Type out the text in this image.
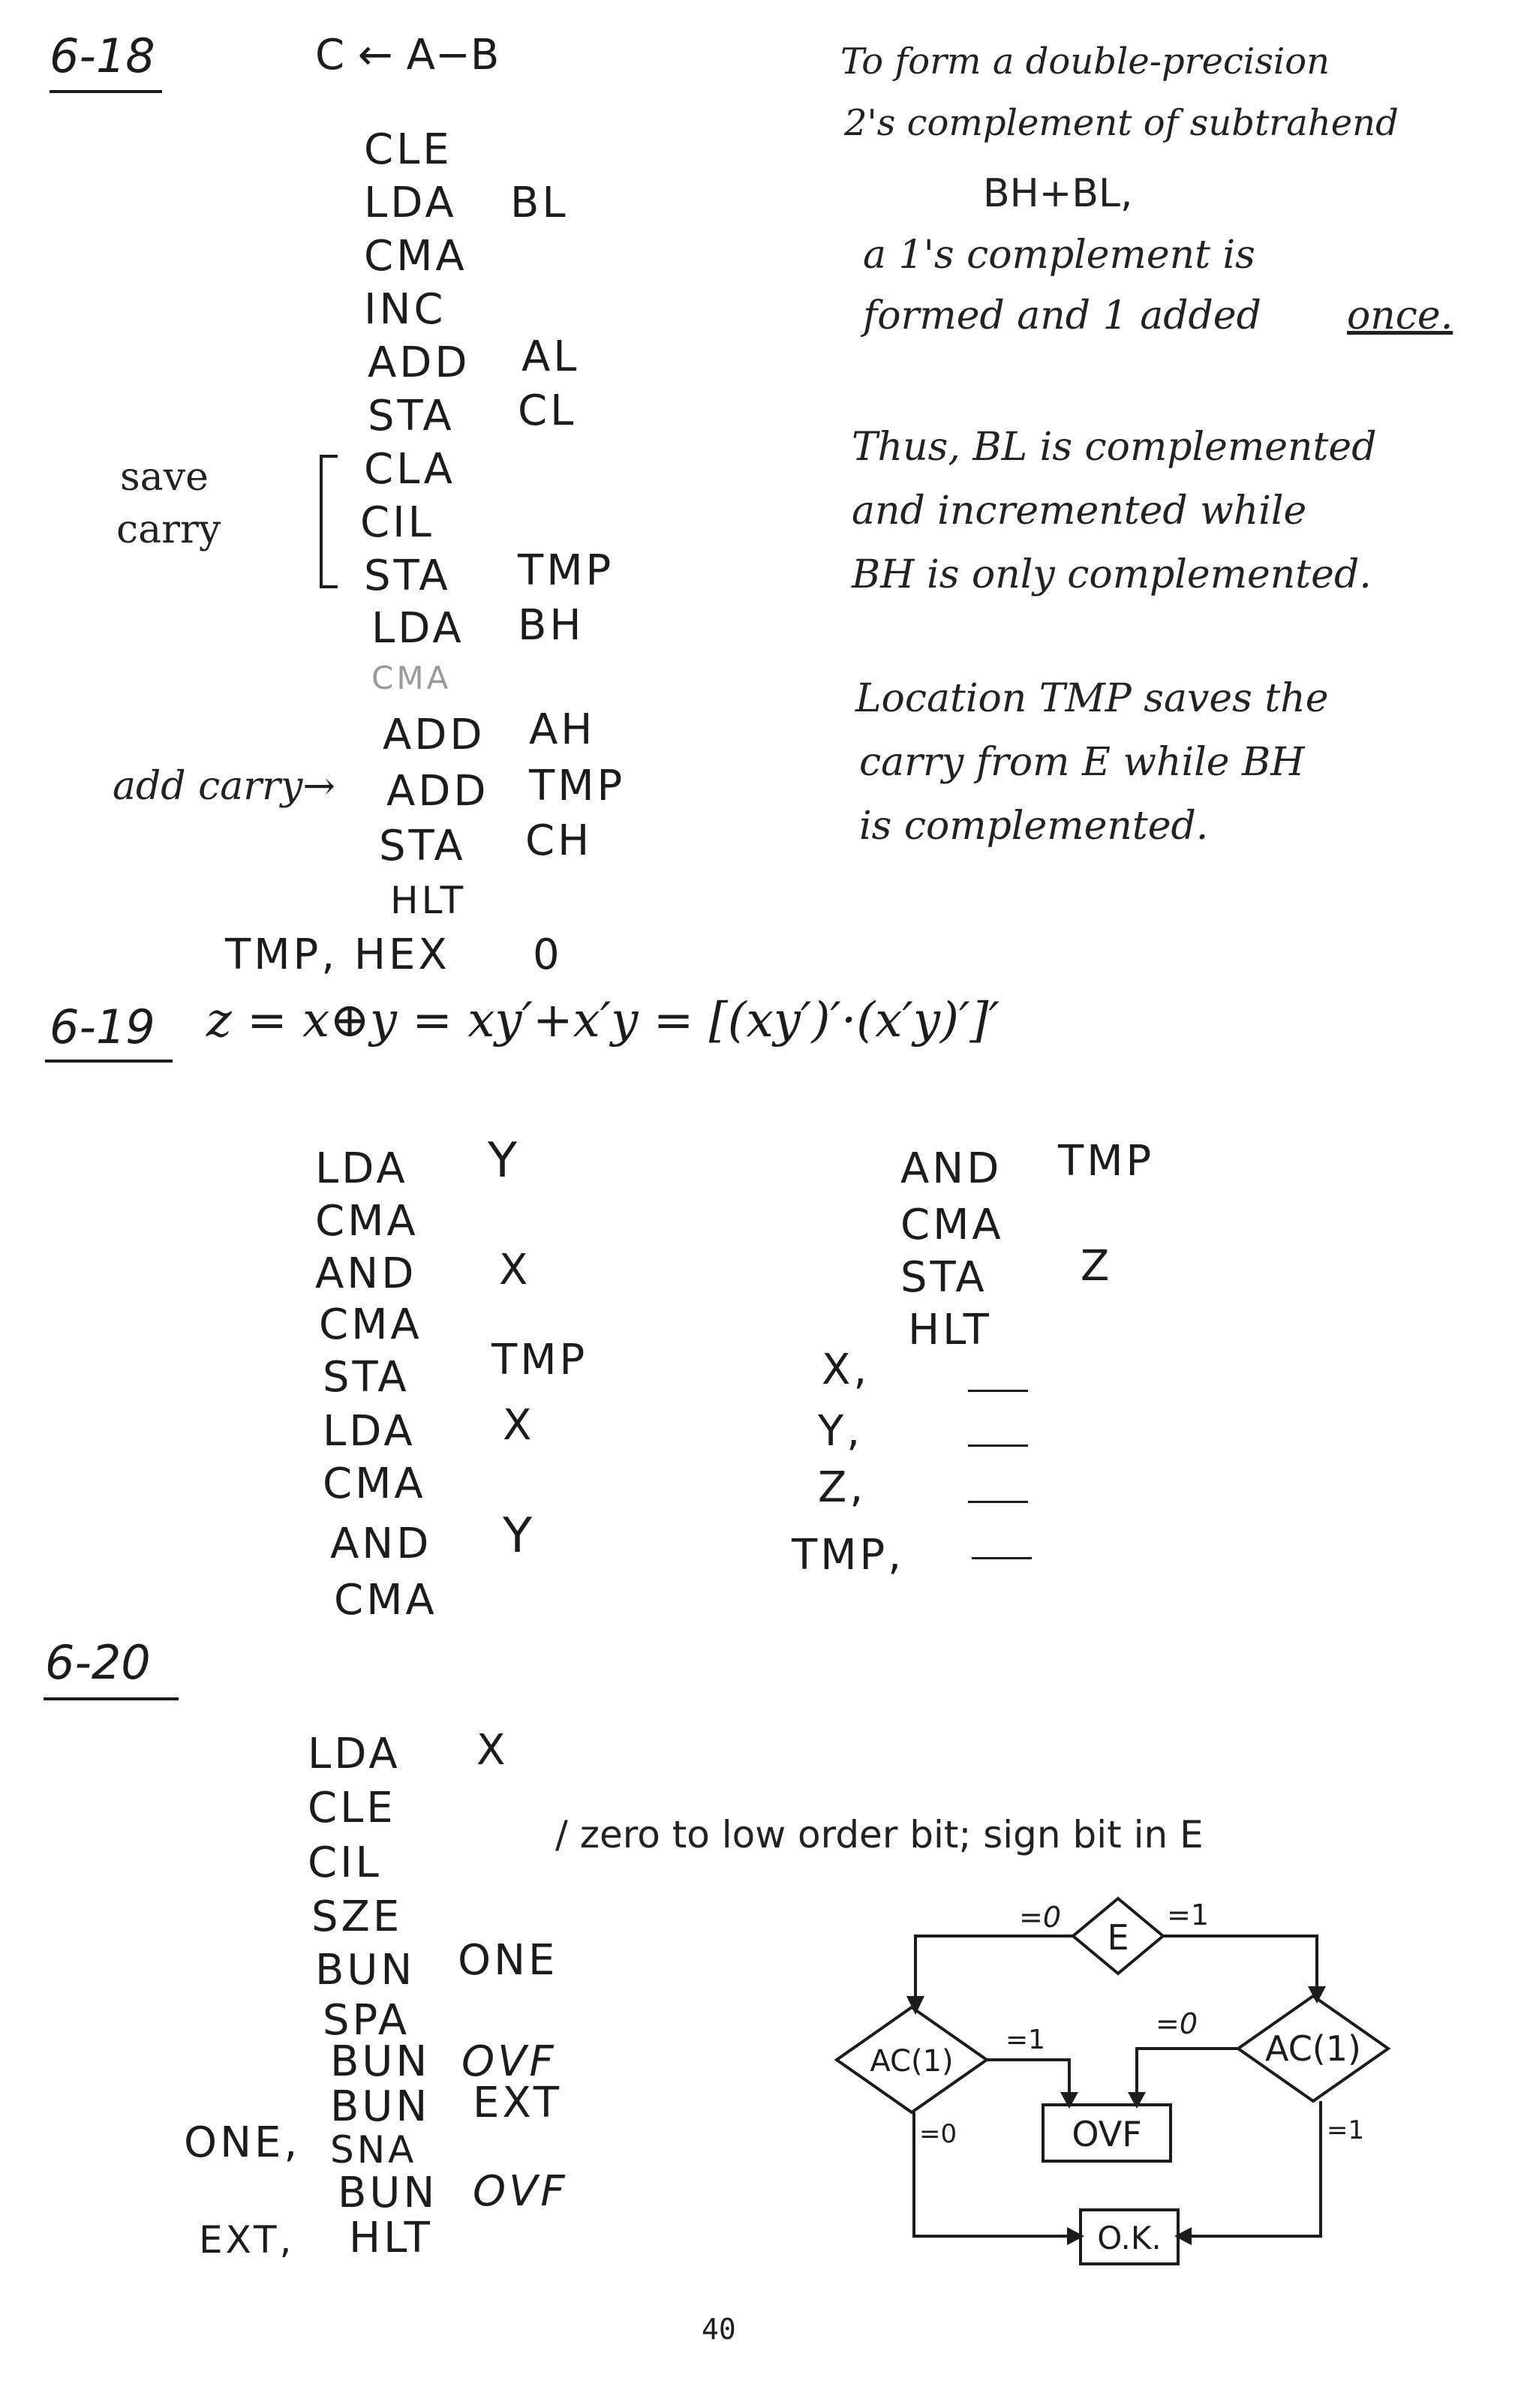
6-18	C ← A−B
CLE
LDA BL
CMA
INC
ADD AL
STA CL
CLA
CIL
STA TMP
LDA BH
CMA
ADD AH
ADD TMP
STA CH
HLT
TMP, HEX 0
save
carry
add carry→
To form a double-precision
2's complement of subtrahend
BH+BL,
a 1's complement is
formed and 1 added once.
Thus, BL is complemented
and incremented while
BH is only complemented.
Location TMP saves the
carry from E while BH
is complemented.
6-19 z = x⊕y = xy′+x′y = [(xy′)′·(x′y)′]′
LDA Y
CMA
AND X
CMA
STA TMP
LDA X
CMA
AND Y
CMA
AND TMP
CMA
STA Z
HLT
X,
Y,
Z,
TMP,
6-20
LDA X
CLE
CIL
SZE
BUN ONE
SPA
BUN OVF
BUN EXT
ONE, SNA
BUN OVF
EXT, HLT
/ zero to low order bit; sign bit in E
E
=0	=1
AC(1)	AC(1)
=1
=0
=0
=1
OVF
O.K.
40
